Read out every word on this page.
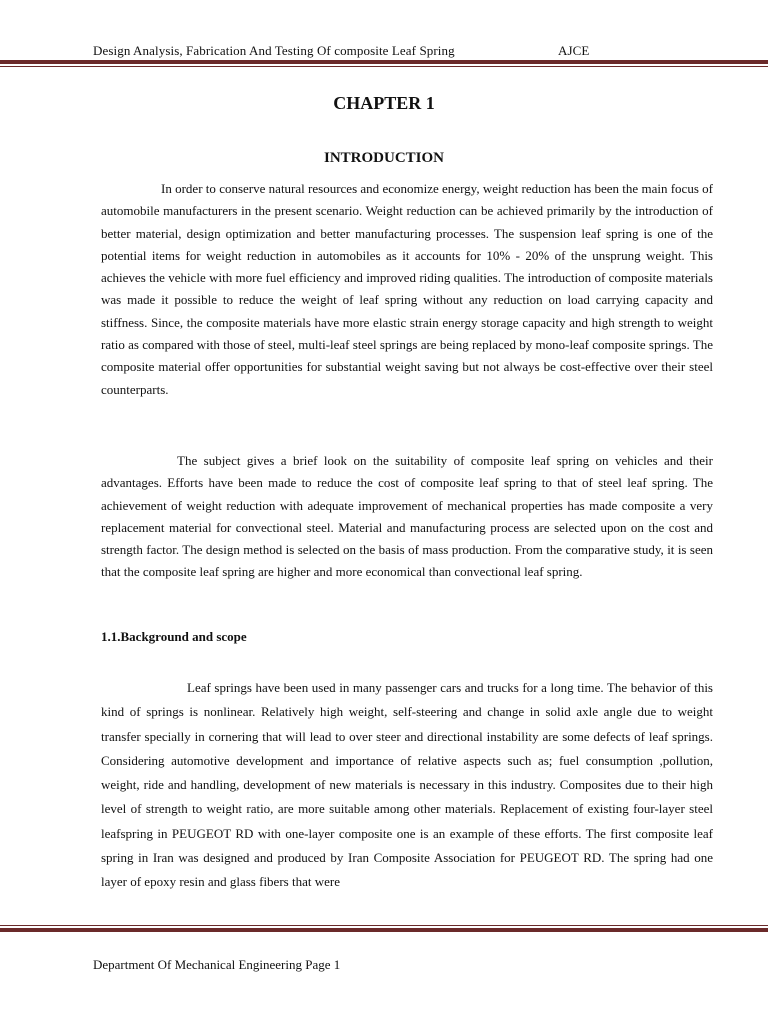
Design Analysis, Fabrication And Testing Of composite Leaf Spring	AJCE
CHAPTER 1
INTRODUCTION

In order to conserve natural resources and economize energy, weight reduction has been the main focus of automobile manufacturers in the present scenario. Weight reduction can be achieved primarily by the introduction of better material, design optimization and better manufacturing processes. The suspension leaf spring is one of the potential items for weight reduction in automobiles as it accounts for 10% - 20% of the unsprung weight. This achieves the vehicle with more fuel efficiency and improved riding qualities. The introduction of composite materials was made it possible to reduce the weight of leaf spring without any reduction on load carrying capacity and stiffness. Since, the composite materials have more elastic strain energy storage capacity and high strength to weight ratio as compared with those of steel, multi-leaf steel springs are being replaced by mono-leaf composite springs. The composite material offer opportunities for substantial weight saving but not always be cost-effective over their steel counterparts.

The subject gives a brief look on the suitability of composite leaf spring on vehicles and their advantages. Efforts have been made to reduce the cost of composite leaf spring to that of steel leaf spring. The achievement of weight reduction with adequate improvement of mechanical properties has made composite a very replacement material for convectional steel. Material and manufacturing process are selected upon on the cost and strength factor. The design method is selected on the basis of mass production. From the comparative study, it is seen that the composite leaf spring are higher and more economical than convectional leaf spring.

1.1.Background and scope

Leaf springs have been used in many passenger cars and trucks for a long time. The behavior of this kind of springs is nonlinear. Relatively high weight, self-steering and change in solid axle angle due to weight transfer specially in cornering that will lead to over steer and directional instability are some defects of leaf springs. Considering automotive development and importance of relative aspects such as; fuel consumption ,pollution, weight, ride and handling, development of new materials is necessary in this industry. Composites due to their high level of strength to weight ratio, are more suitable among other materials. Replacement of existing four-layer steel leafspring in PEUGEOT RD with one-layer composite one is an example of these efforts. The first composite leaf spring in Iran was designed and produced by Iran Composite Association for PEUGEOT RD. The spring had one layer of epoxy resin and glass fibers that were

Department Of Mechanical Engineering Page 1
